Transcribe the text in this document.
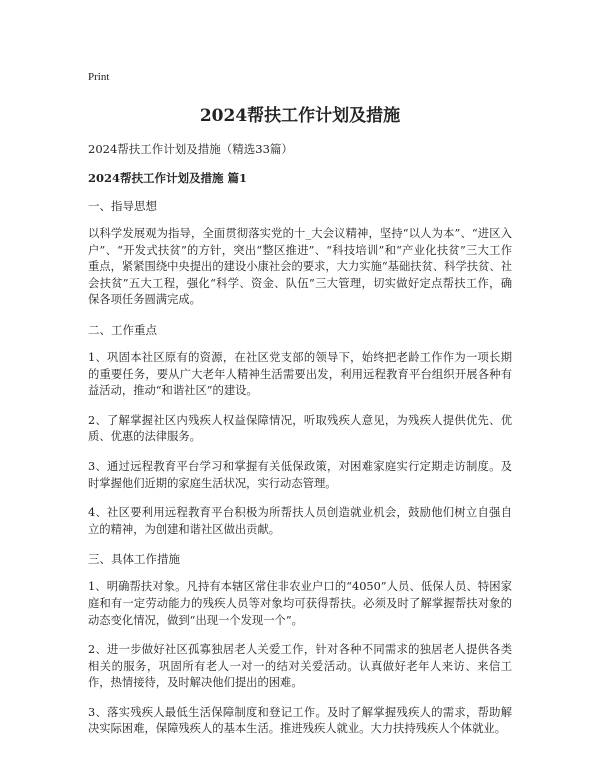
Print
2024帮扶工作计划及措施
2024帮扶工作计划及措施（精选33篇）
2024帮扶工作计划及措施 篇1
一、指导思想

以科学发展观为指导，全面贯彻落实党的十_大会议精神，坚持“以人为本”、“进区入户”、“开发式扶贫”的方针，突出“整区推进”、“科技培训”和“产业化扶贫”三大工作重点，紧紧围绕中央提出的建设小康社会的要求，大力实施“基础扶贫、科学扶贫、社会扶贫”五大工程，强化“科学、资金、队伍”三大管理，切实做好定点帮扶工作，确保各项任务圆满完成。

二、工作重点

1、巩固本社区原有的资源，在社区党支部的领导下，始终把老龄工作作为一项长期的重要任务，要从广大老年人精神生活需要出发，利用远程教育平台组织开展各种有益活动，推动“和谐社区”的建设。

2、了解掌握社区内残疾人权益保障情况，听取残疾人意见，为残疾人提供优先、优质、优惠的法律服务。

3、通过远程教育平台学习和掌握有关低保政策，对困难家庭实行定期走访制度。及时掌握他们近期的家庭生活状况，实行动态管理。

4、社区要利用远程教育平台积极为所帮扶人员创造就业机会，鼓励他们树立自强自立的精神，为创建和谐社区做出贡献。

三、具体工作措施

1、明确帮扶对象。凡持有本辖区常住非农业户口的“4050”人员、低保人员、特困家庭和有一定劳动能力的残疾人员等对象均可获得帮扶。必须及时了解掌握帮扶对象的动态变化情况，做到“出现一个发现一个”。

2、进一步做好社区孤寡独居老人关爱工作，针对各种不同需求的独居老人提供各类相关的服务，巩固所有老人一对一的结对关爱活动。认真做好老年人来访、来信工作，热情接待，及时解决他们提出的困难。

3、落实残疾人最低生活保障制度和登记工作。及时了解掌握残疾人的需求，帮助解决实际困难，保障残疾人的基本生活。推进残疾人就业。大力扶持残疾人个体就业。
